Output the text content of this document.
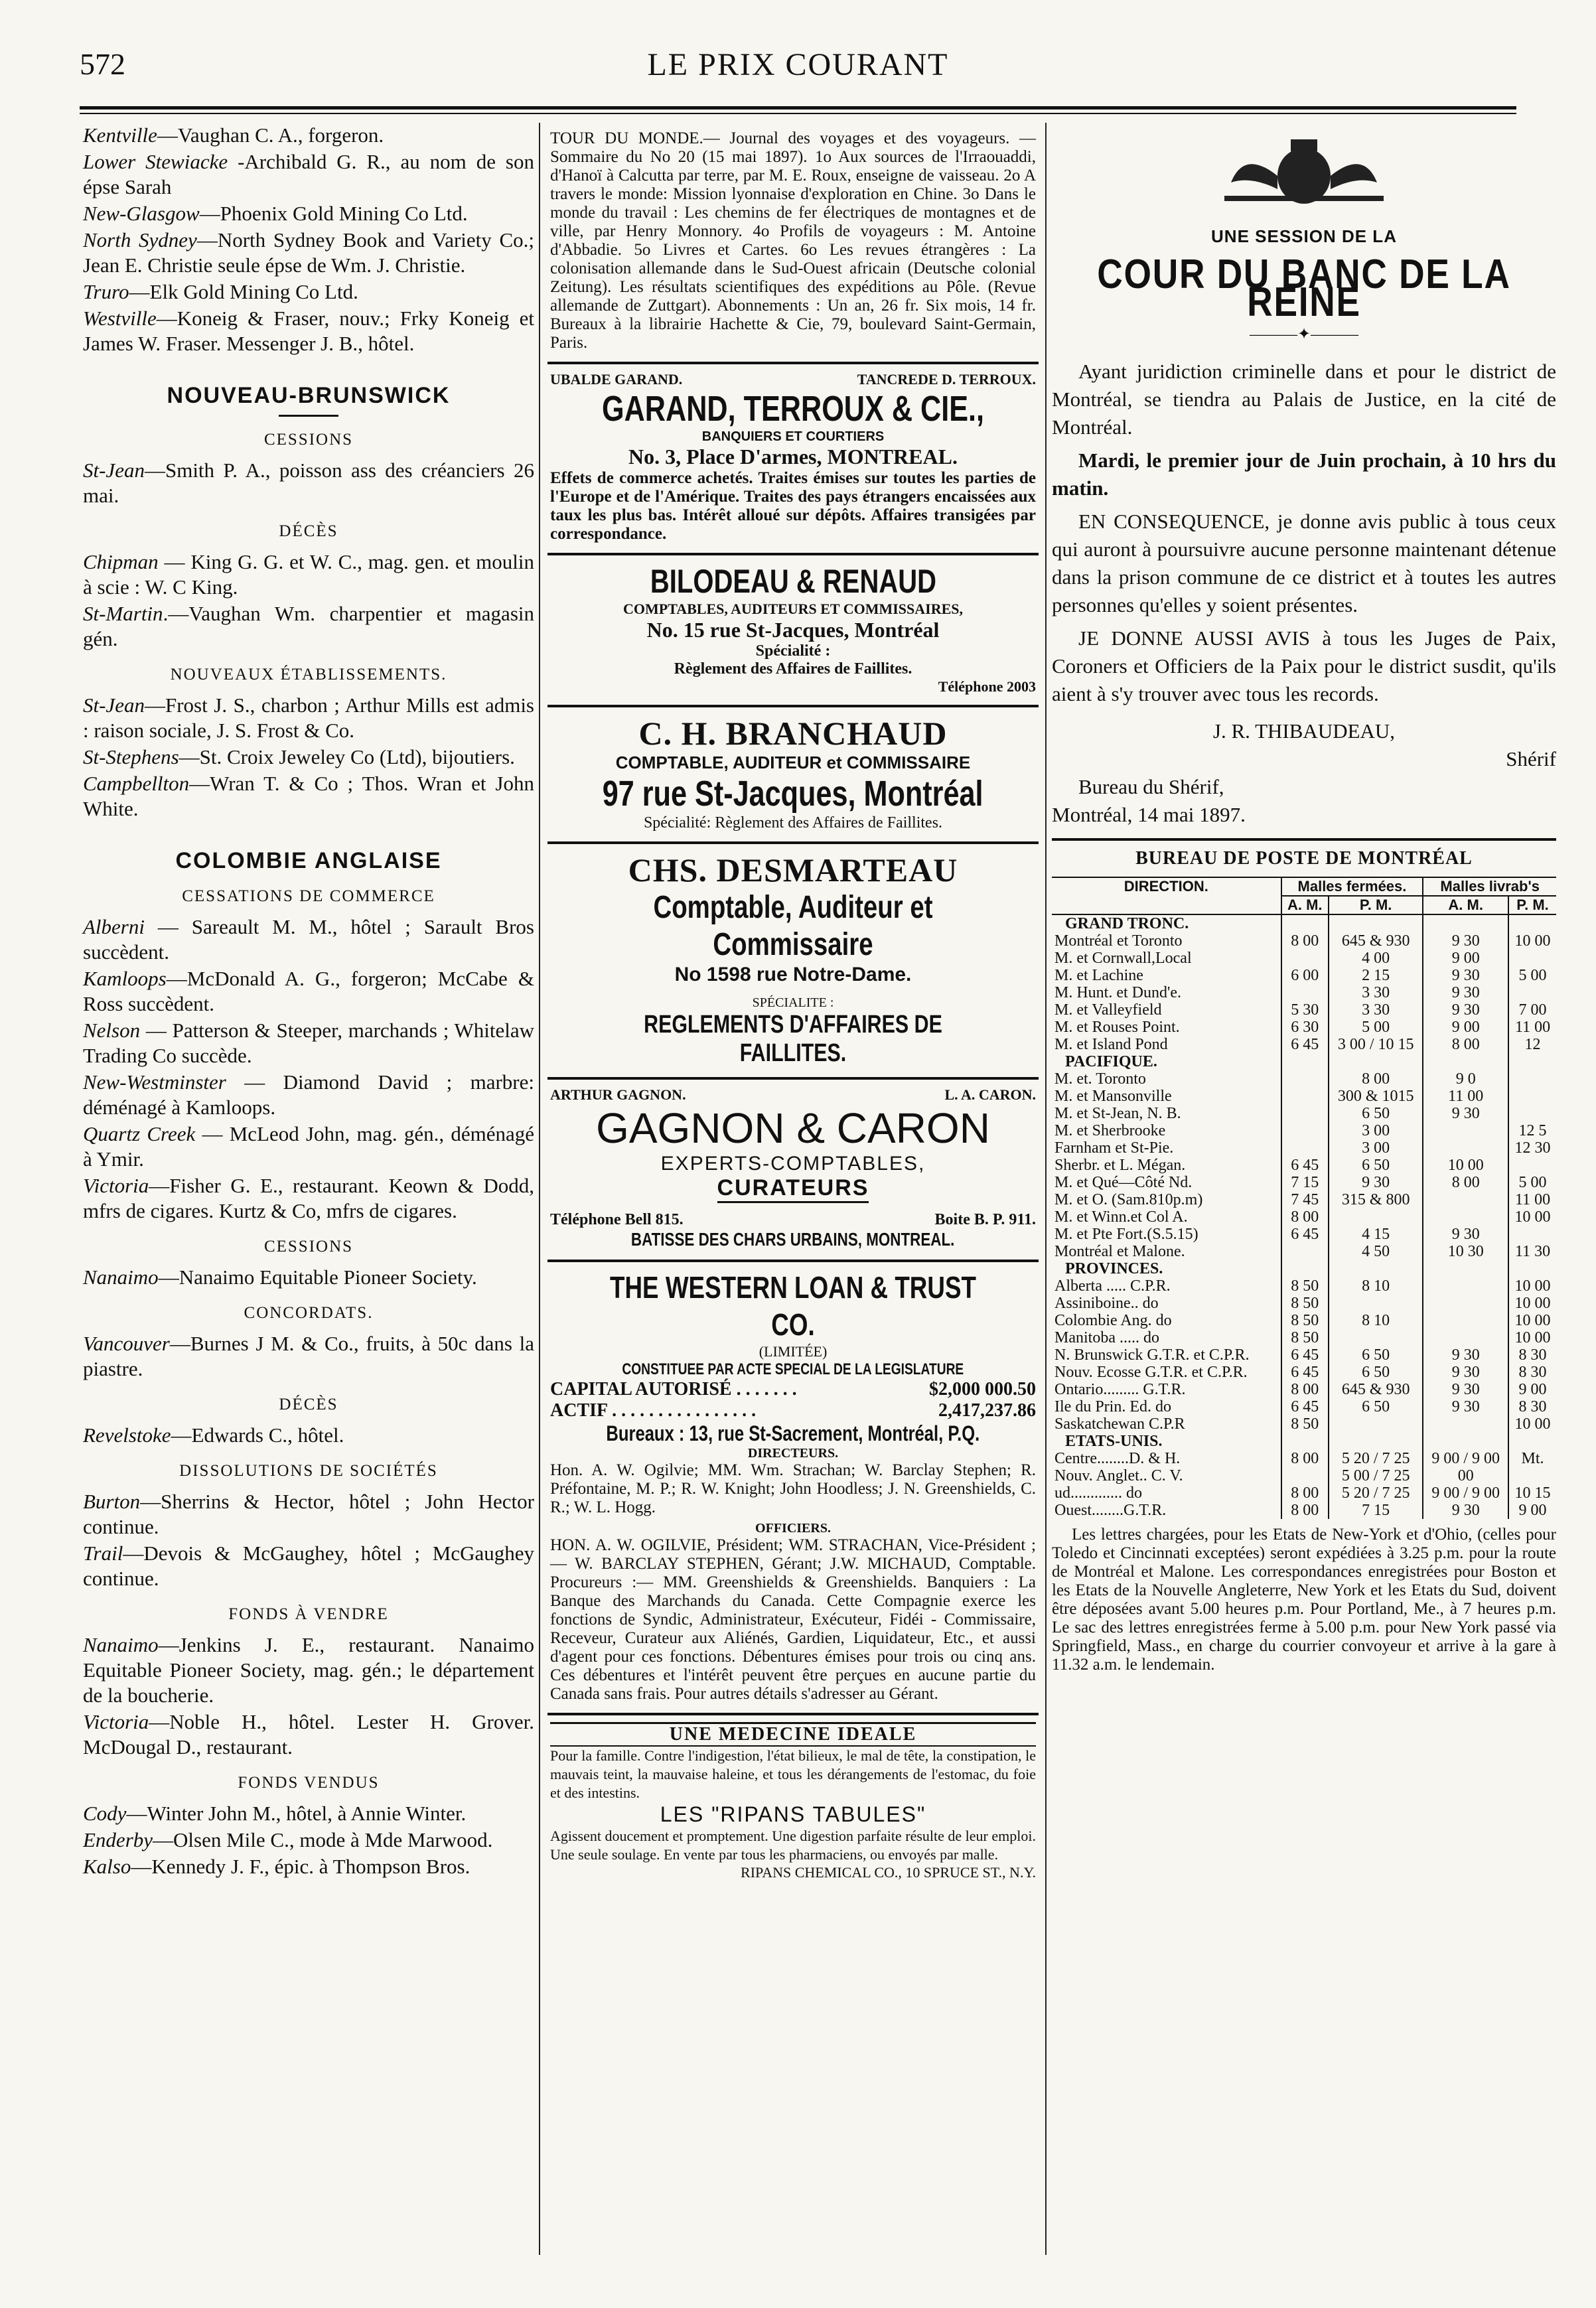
572	LE PRIX COURANT

Kentville—Vaughan C. A., forgeron.

Lower Stewiacke -Archibald G. R., au nom de son épse Sarah

New-Glasgow—Phoenix Gold Mining Co Ltd.

North Sydney—North Sydney Book and Variety Co.; Jean E. Christie seule épse de Wm. J. Christie.

Truro—Elk Gold Mining Co Ltd.

Westville—Koneig & Fraser, nouv.; Frky Koneig et James W. Fraser. Messenger J. B., hôtel.

NOUVEAU-BRUNSWICK
CESSIONS

St-Jean—Smith P. A., poisson ass des créanciers 26 mai.

DÉCÈS

Chipman — King G. G. et W. C., mag. gen. et moulin à scie : W. C King.

St-Martin.—Vaughan Wm. charpentier et magasin gén.

NOUVEAUX ÉTABLISSEMENTS.

St-Jean—Frost J. S., charbon ; Arthur Mills est admis : raison sociale, J. S. Frost & Co.

St-Stephens—St. Croix Jeweley Co (Ltd), bijoutiers.

Campbellton—Wran T. & Co ; Thos. Wran et John White.

COLOMBIE ANGLAISE
CESSATIONS DE COMMERCE

Alberni — Sareault M. M., hôtel ; Sarault Bros succèdent.

Kamloops—McDonald A. G., forgeron; McCabe & Ross succèdent.

Nelson — Patterson & Steeper, marchands ; Whitelaw Trading Co succède.

New-Westminster — Diamond David ; marbre: déménagé à Kamloops.

Quartz Creek — McLeod John, mag. gén., déménagé à Ymir.

Victoria—Fisher G. E., restaurant. Keown & Dodd, mfrs de cigares. Kurtz & Co, mfrs de cigares.

CESSIONS

Nanaimo—Nanaimo Equitable Pioneer Society.

CONCORDATS.

Vancouver—Burnes J M. & Co., fruits, à 50c dans la piastre.

DÉCÈS

Revelstoke—Edwards C., hôtel.

DISSOLUTIONS DE SOCIÉTÉS

Burton—Sherrins & Hector, hôtel ; John Hector continue.

Trail—Devois & McGaughey, hôtel ; McGaughey continue.

FONDS À VENDRE

Nanaimo—Jenkins J. E., restaurant. Nanaimo Equitable Pioneer Society, mag. gén.; le département de la boucherie.

Victoria—Noble H., hôtel. Lester H. Grover. McDougal D., restaurant.

FONDS VENDUS

Cody—Winter John M., hôtel, à Annie Winter.

Enderby—Olsen Mile C., mode à Mde Marwood.

Kalso—Kennedy J. F., épic. à Thompson Bros.

TOUR DU MONDE.— Journal des voyages et des voyageurs. — Sommaire du No 20 (15 mai 1897). 1o Aux sources de l'Irraouaddi, d'Hanoï à Calcutta par terre, par M. E. Roux, enseigne de vaisseau. 2o A travers le monde: Mission lyonnaise d'exploration en Chine. 3o Dans le monde du travail : Les chemins de fer électriques de montagnes et de ville, par Henry Monnory. 4o Profils de voyageurs : M. Antoine d'Abbadie. 5o Livres et Cartes. 6o Les revues étrangères : La colonisation allemande dans le Sud-Ouest africain (Deutsche colonial Zeitung). Les résultats scientifiques des expéditions au Pôle. (Revue allemande de Zuttgart). Abonnements : Un an, 26 fr. Six mois, 14 fr. Bureaux à la librairie Hachette & Cie, 79, boulevard Saint-Germain, Paris.
UBALDE GARAND.	TANCREDE D. TERROUX.
GARAND, TERROUX & CIE.,
BANQUIERS ET COURTIERS
No. 3, Place D'armes, MONTREAL.
Effets de commerce achetés. Traites émises sur toutes les parties de l'Europe et de l'Amérique. Traites des pays étrangers encaissées aux taux les plus bas. Intérêt alloué sur dépôts. Affaires transigées par correspondance.
BILODEAU & RENAUD
COMPTABLES, AUDITEURS ET COMMISSAIRES,
No. 15 rue St-Jacques, Montréal
Spécialité :
Règlement des Affaires de Faillites.
Téléphone 2003
C. H. BRANCHAUD
COMPTABLE, AUDITEUR et COMMISSAIRE
97 rue St-Jacques, Montréal
Spécialité: Règlement des Affaires de Faillites.
CHS. DESMARTEAU
Comptable, Auditeur et Commissaire
No 1598 rue Notre-Dame.
SPÉCIALITE :
REGLEMENTS D'AFFAIRES DE FAILLITES.
ARTHUR GAGNON.	L. A. CARON.
GAGNON & CARON
EXPERTS-COMPTABLES,
CURATEURS
Téléphone Bell 815.	Boite B. P. 911.
BATISSE DES CHARS URBAINS, MONTREAL.
THE WESTERN LOAN & TRUST CO.
(LIMITÉE)
CONSTITUEE PAR ACTE SPECIAL DE LA LEGISLATURE
CAPITAL AUTORISÉ . . . . . . .	$2,000 000.50
ACTIF . . . . . . . . . . . . . . . .	2,417,237.86
Bureaux : 13, rue St-Sacrement, Montréal, P.Q.
DIRECTEURS.
Hon. A. W. Ogilvie; MM. Wm. Strachan; W. Barclay Stephen; R. Préfontaine, M. P.; R. W. Knight; John Hoodless; J. N. Greenshields, C. R.; W. L. Hogg.
OFFICIERS.
HON. A. W. OGILVIE, Président; WM. STRACHAN, Vice-Président ; — W. BARCLAY STEPHEN, Gérant; J.W. MICHAUD, Comptable. Procureurs :— MM. Greenshields & Greenshields. Banquiers : La Banque des Marchands du Canada. Cette Compagnie exerce les fonctions de Syndic, Administrateur, Exécuteur, Fidéi - Commissaire, Receveur, Curateur aux Aliénés, Gardien, Liquidateur, Etc., et aussi d'agent pour ces fonctions. Débentures émises pour trois ou cinq ans. Ces débentures et l'intérêt peuvent être perçues en aucune partie du Canada sans frais. Pour autres détails s'adresser au Gérant.
UNE MEDECINE IDEALE
Pour la famille. Contre l'indigestion, l'état bilieux, le mal de tête, la constipation, le mauvais teint, la mauvaise haleine, et tous les dérangements de l'estomac, du foie et des intestins.
LES "RIPANS TABULES"
Agissent doucement et promptement. Une digestion parfaite résulte de leur emploi. Une seule soulage. En vente par tous les pharmaciens, ou envoyés par malle.
RIPANS CHEMICAL CO., 10 SPRUCE ST., N.Y.
UNE SESSION DE LA
COUR DU BANC DE LA REINE
———✦———

Ayant juridiction criminelle dans et pour le district de Montréal, se tiendra au Palais de Justice, en la cité de Montréal.

Mardi, le premier jour de Juin prochain, à 10 hrs du matin.

EN CONSEQUENCE, je donne avis public à tous ceux qui auront à poursuivre aucune personne maintenant détenue dans la prison commune de ce district et à toutes les autres personnes qu'elles y soient présentes.

JE DONNE AUSSI AVIS à tous les Juges de Paix, Coroners et Officiers de la Paix pour le district susdit, qu'ils aient à s'y trouver avec tous les records.

J. R. THIBAUDEAU,
Shérif
Bureau du Shérif,
Montréal, 14 mai 1897.
BUREAU DE POSTE DE MONTRÉAL
DIRECTION.	Malles fermées.		Malles livrab's	
	A. M.	P. M.	A. M.	P. M.
GRAND TRONC.				
Montréal et Toronto	8 00	645 & 930	9 30	10 00
M. et Cornwall,Local		4 00	9 00	
M. et Lachine	6 00	2 15	9 30	5 00
M. Hunt. et Dund'e.		3 30	9 30	
M. et Valleyfield	5 30	3 30	9 30	7 00
M. et Rouses Point.	6 30	5 00	9 00	11 00
M. et Island Pond	6 45	3 00 / 10 15	8 00	12
PACIFIQUE.				
M. et. Toronto		8 00	9 0	
M. et Mansonville		300 & 1015	11 00	
M. et St-Jean, N. B.		6 50	9 30	
M. et Sherbrooke		3 00		12 5
Farnham et St-Pie.		3 00		12 30
Sherbr. et L. Mégan.	6 45	6 50	10 00	
M. et Qué—Côté Nd.	7 15	9 30	8 00	5 00
M. et O. (Sam.810p.m)	7 45	315 & 800		11 00
M. et Winn.et Col A.	8 00			10 00
M. et Pte Fort.(S.5.15)	6 45	4 15	9 30	
Montréal et Malone.		4 50	10 30	11 30
PROVINCES.				
Alberta ..... C.P.R.	8 50	8 10		10 00
Assiniboine.. do	8 50			10 00
Colombie Ang. do	8 50	8 10		10 00
Manitoba ..... do	8 50			10 00
N. Brunswick G.T.R. et C.P.R.	6 45	6 50	9 30	8 30
Nouv. Ecosse G.T.R. et C.P.R.	6 45	6 50	9 30	8 30
Ontario......... G.T.R.	8 00	645 & 930	9 30	9 00
Ile du Prin. Ed. do	6 45	6 50	9 30	8 30
Saskatchewan C.P.R	8 50			10 00
ETATS-UNIS.				
Centre........D. & H.	8 00	5 20 / 7 25	9 00 / 9 00	Mt.
Nouv. Anglet.. C. V.		5 00 / 7 25	00	
ud............. do	8 00	5 20 / 7 25	9 00 / 9 00	10 15
Ouest........G.T.R.	8 00	7 15	9 30	9 00
Les lettres chargées, pour les Etats de New-York et d'Ohio, (celles pour Toledo et Cincinnati exceptées) seront expédiées à 3.25 p.m. pour la route de Montréal et Malone. Les correspondances enregistrées pour Boston et les Etats de la Nouvelle Angleterre, New York et les Etats du Sud, doivent être déposées avant 5.00 heures p.m. Pour Portland, Me., à 7 heures p.m. Le sac des lettres enregistrées ferme à 5.00 p.m. pour New York passé via Springfield, Mass., en charge du courrier convoyeur et arrive à la gare à 11.32 a.m. le lendemain.
